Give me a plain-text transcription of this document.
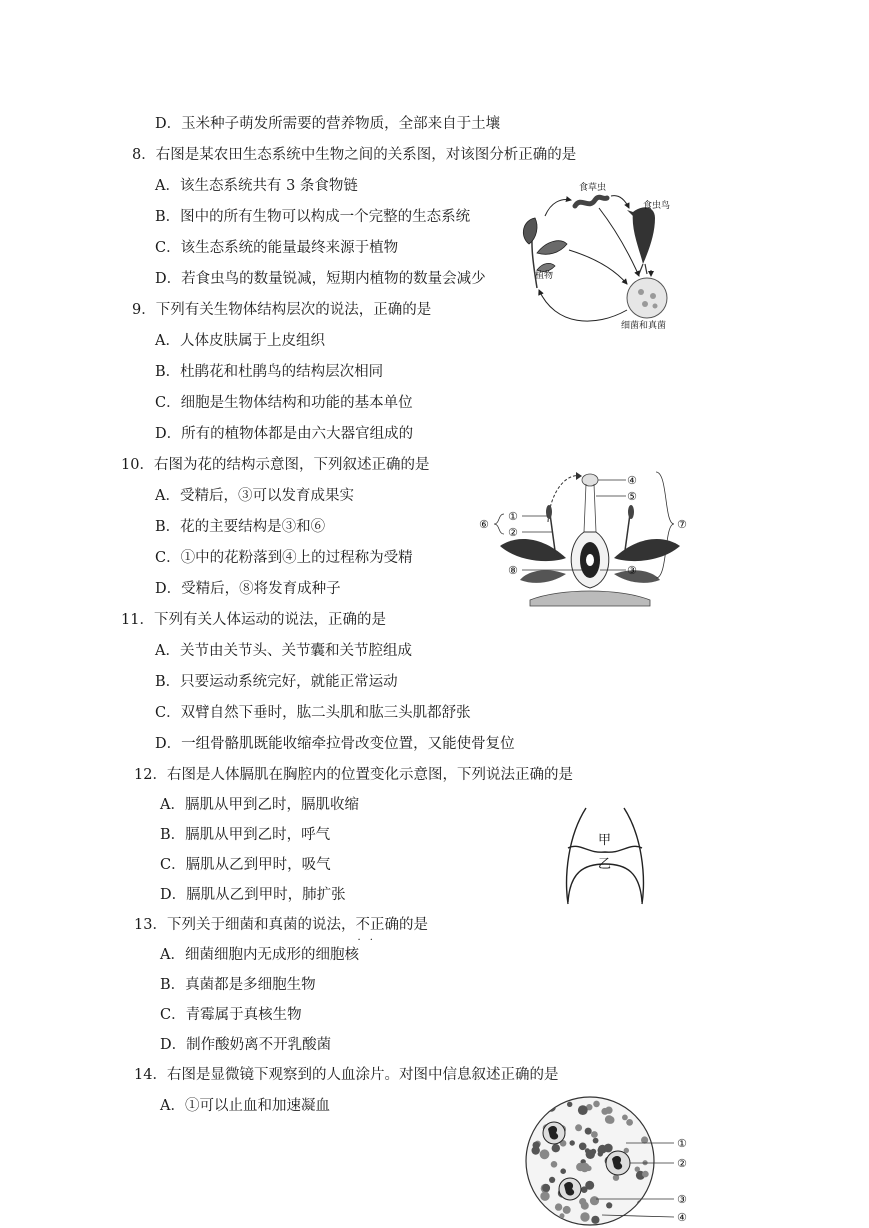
D．玉米种子萌发所需要的营养物质，全部来自于土壤
8．右图是某农田生态系统中生物之间的关系图，对该图分析正确的是
A．该生态系统共有 3 条食物链
B．图中的所有生物可以构成一个完整的生态系统
C．该生态系统的能量最终来源于植物
D．若食虫鸟的数量锐减，短期内植物的数量会减少	植物
食草虫
食虫鸟
细菌和真菌
9．下列有关生物体结构层次的说法，正确的是
A．人体皮肤属于上皮组织
B．杜鹃花和杜鹃鸟的结构层次相同
C．细胞是生物体结构和功能的基本单位
D．所有的植物体都是由六大器官组成的
10．右图为花的结构示意图，下列叙述正确的是
A．受精后，③可以发育成果实
B．花的主要结构是③和⑥
C．①中的花粉落到④上的过程称为受精
D．受精后，⑧将发育成种子
④
⑤
①
②
⑥	⑦
⑧	③
11．下列有关人体运动的说法，正确的是
A．关节由关节头、关节囊和关节腔组成
B．只要运动系统完好，就能正常运动
C．双臂自然下垂时，肱二头肌和肱三头肌都舒张
D．一组骨骼肌既能收缩牵拉骨改变位置，又能使骨复位
12．右图是人体膈肌在胸腔内的位置变化示意图，下列说法正确的是
A．膈肌从甲到乙时，膈肌收缩
B．膈肌从甲到乙时，呼气
C．膈肌从乙到甲时，吸气
D．膈肌从乙到甲时，肺扩张
甲
乙
13．下列关于细菌和真菌的说法，不正确 · ·的是
A．细菌细胞内无成形的细胞核
B．真菌都是多细胞生物
C．青霉属于真核生物
D．制作酸奶离不开乳酸菌
14．右图是显微镜下观察到的人血涂片。对图中信息叙述正确的是
A．①可以止血和加速凝血
①
②
③
④
